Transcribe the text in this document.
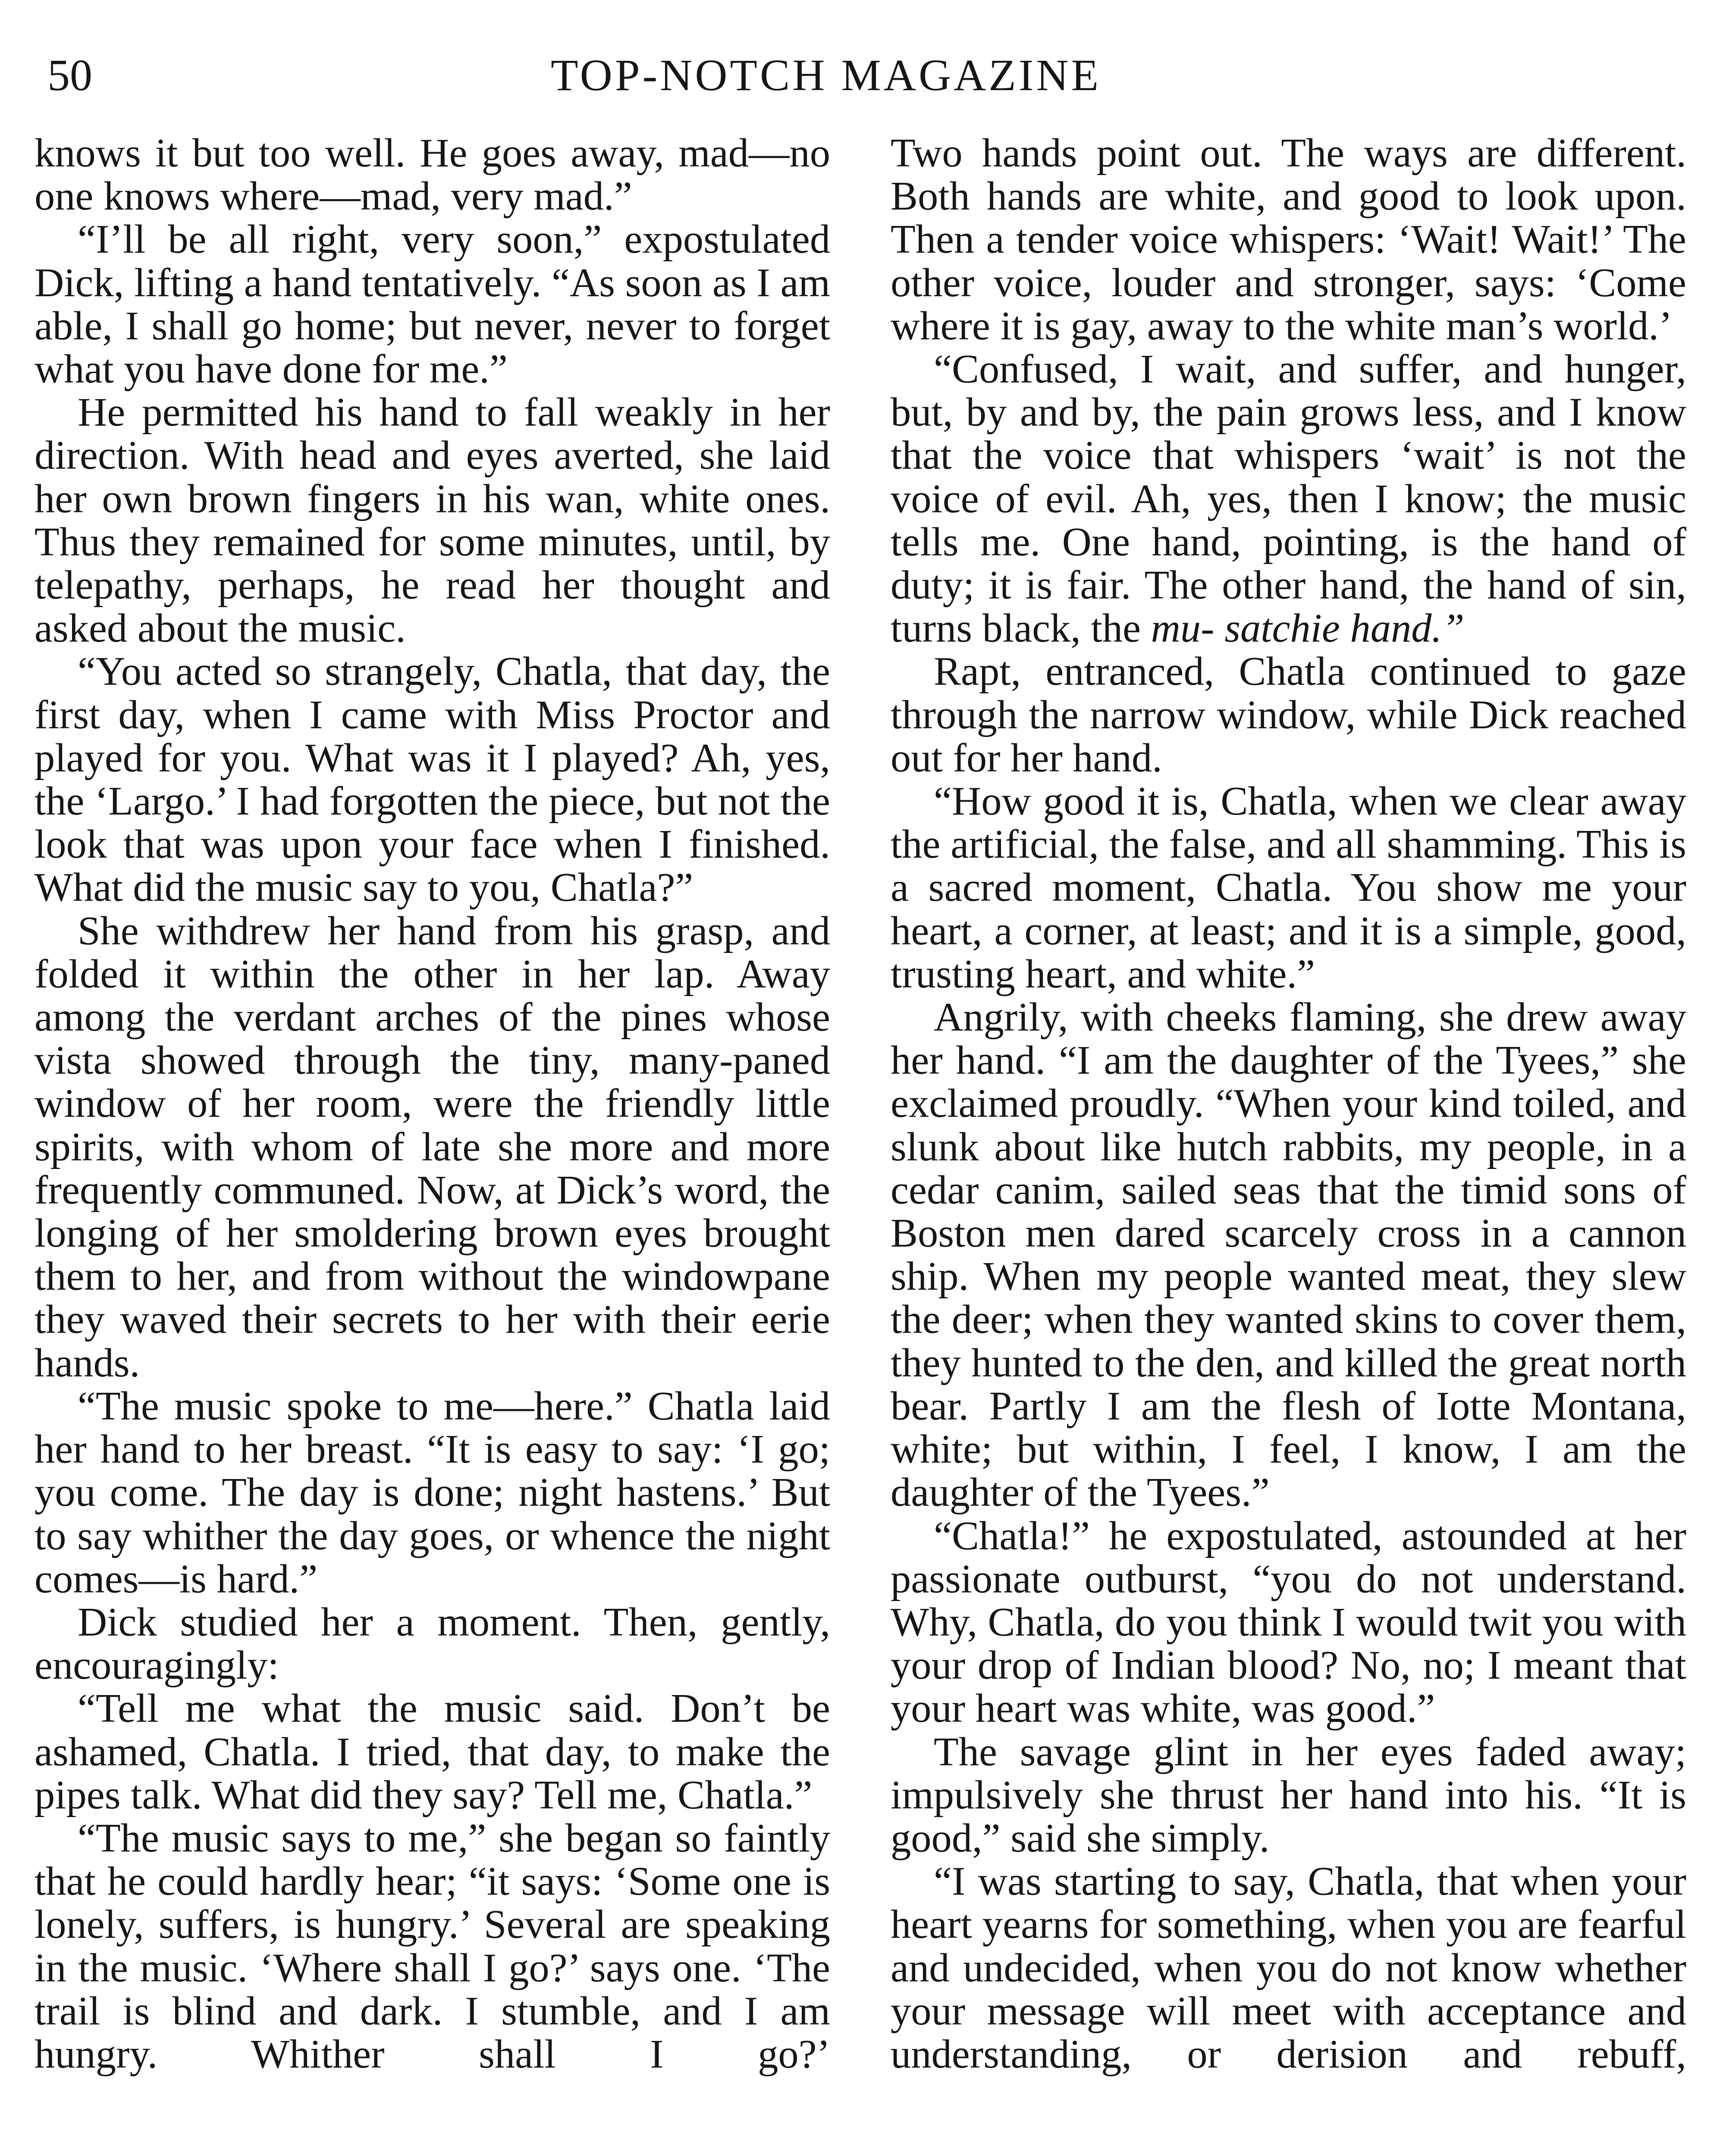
50	TOP-NOTCH MAGAZINE

knows it but too well. He goes away, mad—no one knows where—mad, very mad.”

“I’ll be all right, very soon,” expostulated Dick, lifting a hand tentatively. “As soon as I am able, I shall go home; but never, never to forget what you have done for me.”

He permitted his hand to fall weakly in her direction. With head and eyes averted, she laid her own brown fingers in his wan, white ones. Thus they remained for some minutes, until, by telepathy, perhaps, he read her thought and asked about the music.

“You acted so strangely, Chatla, that day, the first day, when I came with Miss Proctor and played for you. What was it I played? Ah, yes, the ‘Largo.’ I had forgotten the piece, but not the look that was upon your face when I finished. What did the music say to you, Chatla?”

She withdrew her hand from his grasp, and folded it within the other in her lap. Away among the verdant arches of the pines whose vista showed through the tiny, many-paned window of her room, were the friendly little spirits, with whom of late she more and more frequently communed. Now, at Dick’s word, the longing of her smoldering brown eyes brought them to her, and from without the windowpane they waved their secrets to her with their eerie hands.

“The music spoke to me—here.” Chatla laid her hand to her breast. “It is easy to say: ‘I go; you come. The day is done; night hastens.’ But to say whither the day goes, or whence the night comes—is hard.”

Dick studied her a moment. Then, gently, encouragingly:

“Tell me what the music said. Don’t be ashamed, Chatla. I tried, that day, to make the pipes talk. What did they say? Tell me, Chatla.”

“The music says to me,” she began so faintly that he could hardly hear; “it says: ‘Some one is lonely, suffers, is hungry.’ Several are speaking in the music. ‘Where shall I go?’ says one. ‘The trail is blind and dark. I stumble, and I am hungry. Whither shall I go?’

Two hands point out. The ways are different. Both hands are white, and good to look upon. Then a tender voice whispers: ‘Wait! Wait!’ The other voice, louder and stronger, says: ‘Come where it is gay, away to the white man’s world.’

“Confused, I wait, and suffer, and hunger, but, by and by, the pain grows less, and I know that the voice that whispers ‘wait’ is not the voice of evil. Ah, yes, then I know; the music tells me. One hand, pointing, is the hand of duty; it is fair. The other hand, the hand of sin, turns black, the mu- satchie hand.”

Rapt, entranced, Chatla continued to gaze through the narrow window, while Dick reached out for her hand.

“How good it is, Chatla, when we clear away the artificial, the false, and all shamming. This is a sacred moment, Chatla. You show me your heart, a corner, at least; and it is a simple, good, trusting heart, and white.”

Angrily, with cheeks flaming, she drew away her hand. “I am the daughter of the Tyees,” she exclaimed proudly. “When your kind toiled, and slunk about like hutch rabbits, my people, in a cedar canim, sailed seas that the timid sons of Boston men dared scarcely cross in a cannon ship. When my people wanted meat, they slew the deer; when they wanted skins to cover them, they hunted to the den, and killed the great north bear. Partly I am the flesh of Iotte Montana, white; but within, I feel, I know, I am the daughter of the Tyees.”

“Chatla!” he expostulated, astounded at her passionate outburst, “you do not understand. Why, Chatla, do you think I would twit you with your drop of Indian blood? No, no; I meant that your heart was white, was good.”

The savage glint in her eyes faded away; impulsively she thrust her hand into his. “It is good,” said she simply.

“I was starting to say, Chatla, that when your heart yearns for something, when you are fearful and undecided, when you do not know whether your message will meet with acceptance and understanding, or derision and rebuff,
